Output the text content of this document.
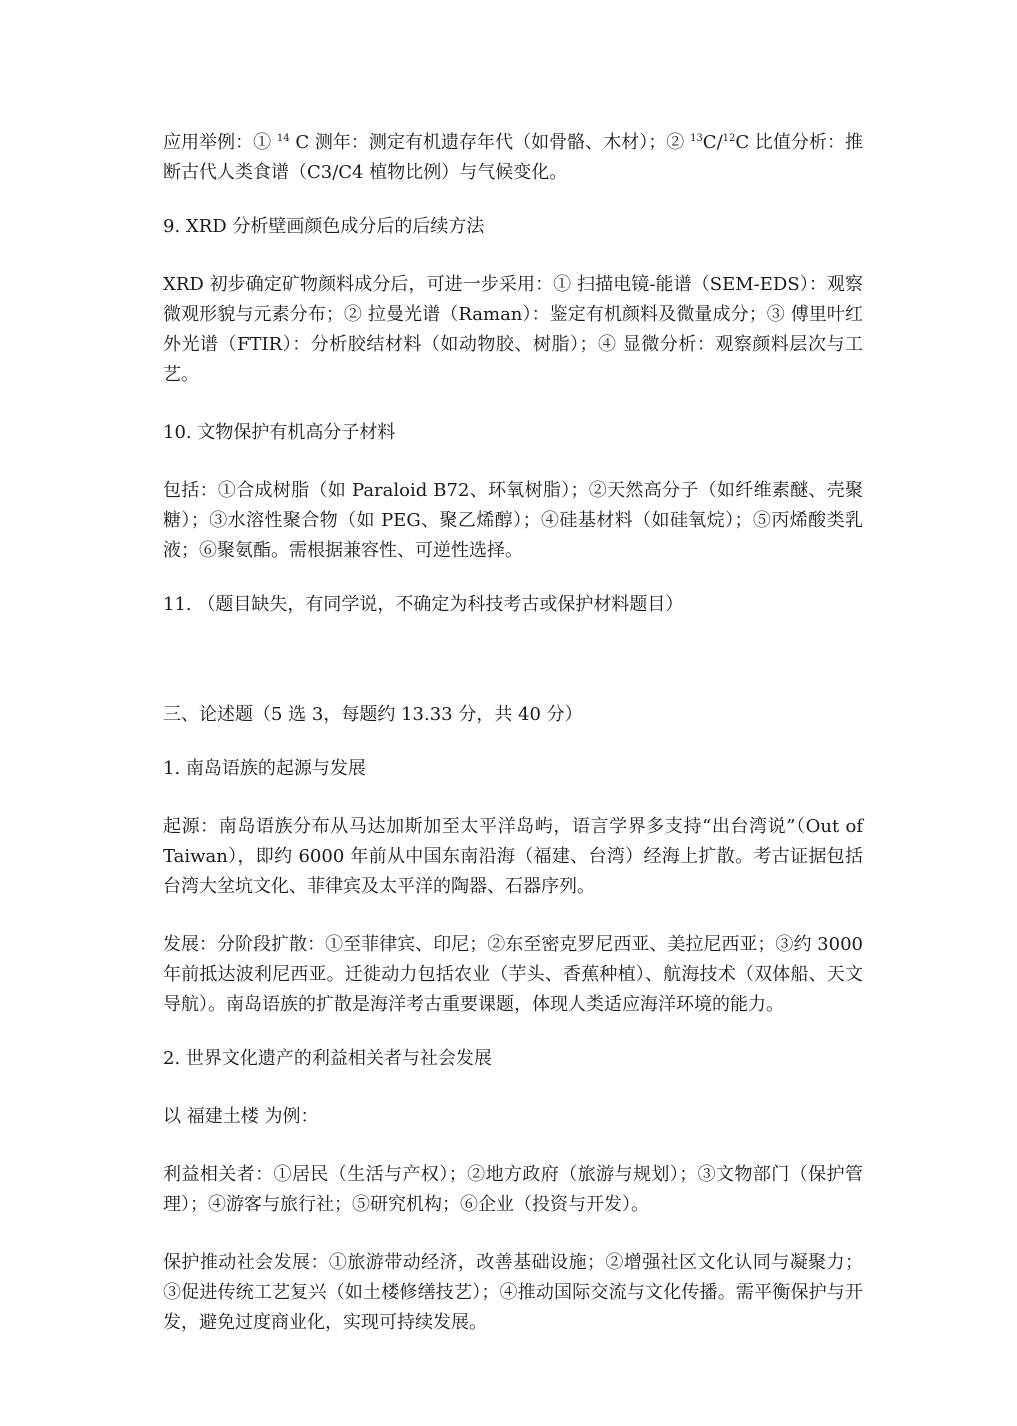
应用举例：① $^{14}$ C 测年：测定有机遗存年代（如骨骼、木材）；② $^{13}$C/$^{12}$C 比值分析：推断古代人类食谱（C3/C4 植物比例）与气候变化。

9. XRD 分析壁画颜色成分后的后续方法

XRD 初步确定矿物颜料成分后，可进一步采用：① 扫描电镜-能谱（SEM-EDS）：观察微观形貌与元素分布；② 拉曼光谱（Raman）：鉴定有机颜料及微量成分；③ 傅里叶红外光谱（FTIR）：分析胶结材料（如动物胶、树脂）；④ 显微分析：观察颜料层次与工艺。

10. 文物保护有机高分子材料

包括：①合成树脂（如 Paraloid B72、环氧树脂）；②天然高分子（如纤维素醚、壳聚糖）；③水溶性聚合物（如 PEG、聚乙烯醇）；④硅基材料（如硅氧烷）；⑤丙烯酸类乳液；⑥聚氨酯。需根据兼容性、可逆性选择。

11. （题目缺失，有同学说，不确定为科技考古或保护材料题目）

三、论述题（5 选 3，每题约 13.33 分，共 40 分）

1. 南岛语族的起源与发展

起源：南岛语族分布从马达加斯加至太平洋岛屿，语言学界多支持“出台湾说”（Out of Taiwan），即约 6000 年前从中国东南沿海（福建、台湾）经海上扩散。考古证据包括台湾大坌坑文化、菲律宾及太平洋的陶器、石器序列。

发展：分阶段扩散：①至菲律宾、印尼；②东至密克罗尼西亚、美拉尼西亚；③约 3000 年前抵达波利尼西亚。迁徙动力包括农业（芋头、香蕉种植）、航海技术（双体船、天文导航）。南岛语族的扩散是海洋考古重要课题，体现人类适应海洋环境的能力。

2. 世界文化遗产的利益相关者与社会发展

以 福建土楼 为例：

利益相关者：①居民（生活与产权）；②地方政府（旅游与规划）；③文物部门（保护管理）；④游客与旅行社；⑤研究机构；⑥企业（投资与开发）。

保护推动社会发展：①旅游带动经济，改善基础设施；②增强社区文化认同与凝聚力；③促进传统工艺复兴（如土楼修缮技艺）；④推动国际交流与文化传播。需平衡保护与开发，避免过度商业化，实现可持续发展。
